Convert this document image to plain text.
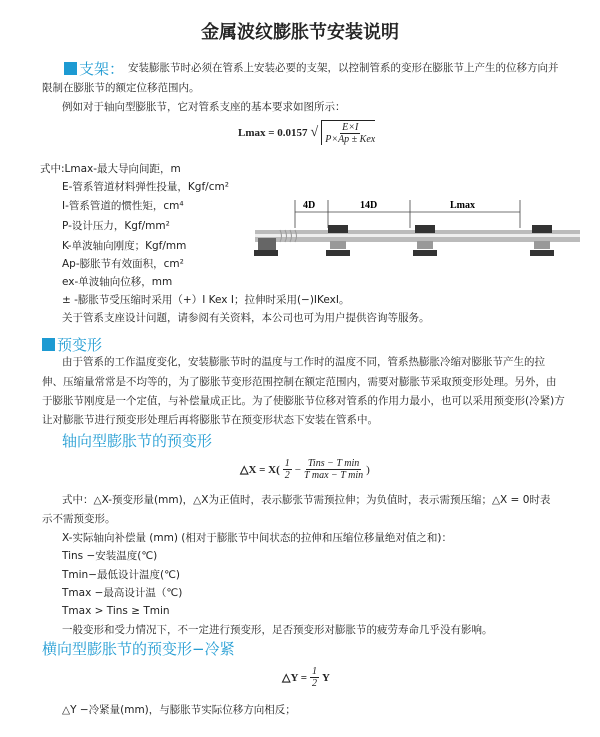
金属波纹膨胀节安装说明
支架： 安装膨胀节时必须在管系上安装必要的支架，以控制管系的变形在膨胀节上产生的位移方向并
限制在膨胀节的额定位移范围内。
例如对于轴向型膨胀节，它对管系支座的基本要求如图所示：
Lmax = 0.0157 √ $\frac{E\times I}{\text{P×Ap ± Kex}}$
式中:Lmax-最大导向间距，m
E-管系管道材料弹性投量，Kgf/cm²
I-管系管道的惯性矩，cm⁴
P-设计压力，Kgf/mm²
K-单波轴向刚度；Kgf/mm
Ap-膨胀节有效面积，cm²
ex-单波轴向位移，mm
± -膨胀节受压缩时采用（+）I Kex I；拉伸时采用(−)IKexI。
关于管系支座设计问题，请参阅有关资料，本公司也可为用户提供咨询等服务。
4D	14D	Lmax
预变形
由于管系的工作温度变化，安装膨胀节时的温度与工作时的温度不同，管系热膨胀冷缩对膨胀节产生的拉
伸、压缩量常常是不均等的，为了膨胀节变形范围控制在额定范围内，需要对膨胀节采取预变形处理。另外，由
于膨胀节刚度是一个定值，与补偿量成正比。为了使膨胀节位移对管系的作用力最小，也可以采用预变形(冷紧)方
让对膨胀节进行预变形处理后再将膨胀节在预变形状态下安装在管系中。
轴向型膨胀节的预变形
△X = $X( \frac{1}{2} - \frac{\text{Tins − T min}}{\text{T max − T min}}$ )
式中：△X-预变形量(mm)，△X为正值时，表示膨张节需预拉伸；为负值时，表示需预压缩；△X = 0时表
示不需预变形。
X-实际轴向补偿量 (mm) (相对于膨胀节中间状态的拉伸和压缩位移量绝对值之和)：
Tins −安装温度(℃)
Tmin−最低设计温度(℃)
Tmax −最高设计温（℃)
Tmax > Tins ≥ Tmin
一般变形和受力情况下，不一定进行预变形，足否预变形对膨胀节的疲劳寿命几乎没有影响。
横向型膨胀节的预变形−冷紧
△Y = $\frac{1}{2}$ Y
△Y −冷紧量(mm)，与膨胀节实际位移方向相反；
